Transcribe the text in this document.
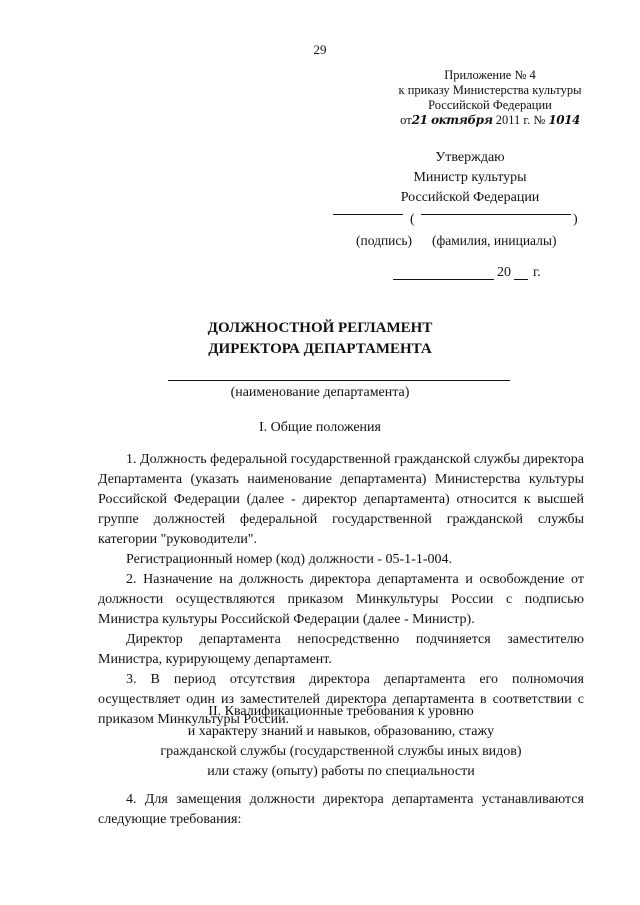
29
Приложение № 4
к приказу Министерства культуры
Российской Федерации
от21 октября 2011 г. № 1014
Утверждаю
Министр культуры
Российской Федерации
(	)
(подпись) (фамилия, инициалы)
20 г.
ДОЛЖНОСТНОЙ РЕГЛАМЕНТ
ДИРЕКТОРА ДЕПАРТАМЕНТА
(наименование департамента)
I. Общие положения

1. Должность федеральной государственной гражданской службы директора Департамента (указать наименование департамента) Министерства культуры Российской Федерации (далее - директор департамента) относится к высшей группе должностей федеральной государственной гражданской службы категории "руководители".

Регистрационный номер (код) должности - 05-1-1-004.

2. Назначение на должность директора департамента и освобождение от должности осуществляются приказом Минкультуры России с подписью Министра культуры Российской Федерации (далее - Министр).

Директор департамента непосредственно подчиняется заместителю Министра, курирующему департамент.

3. В период отсутствия директора департамента его полномочия осуществляет один из заместителей директора департамента в соответствии с приказом Минкультуры России.

II. Квалификационные требования к уровню
и характеру знаний и навыков, образованию, стажу
гражданской службы (государственной службы иных видов)
или стажу (опыту) работы по специальности

4. Для замещения должности директора департамента устанавливаются следующие требования:
